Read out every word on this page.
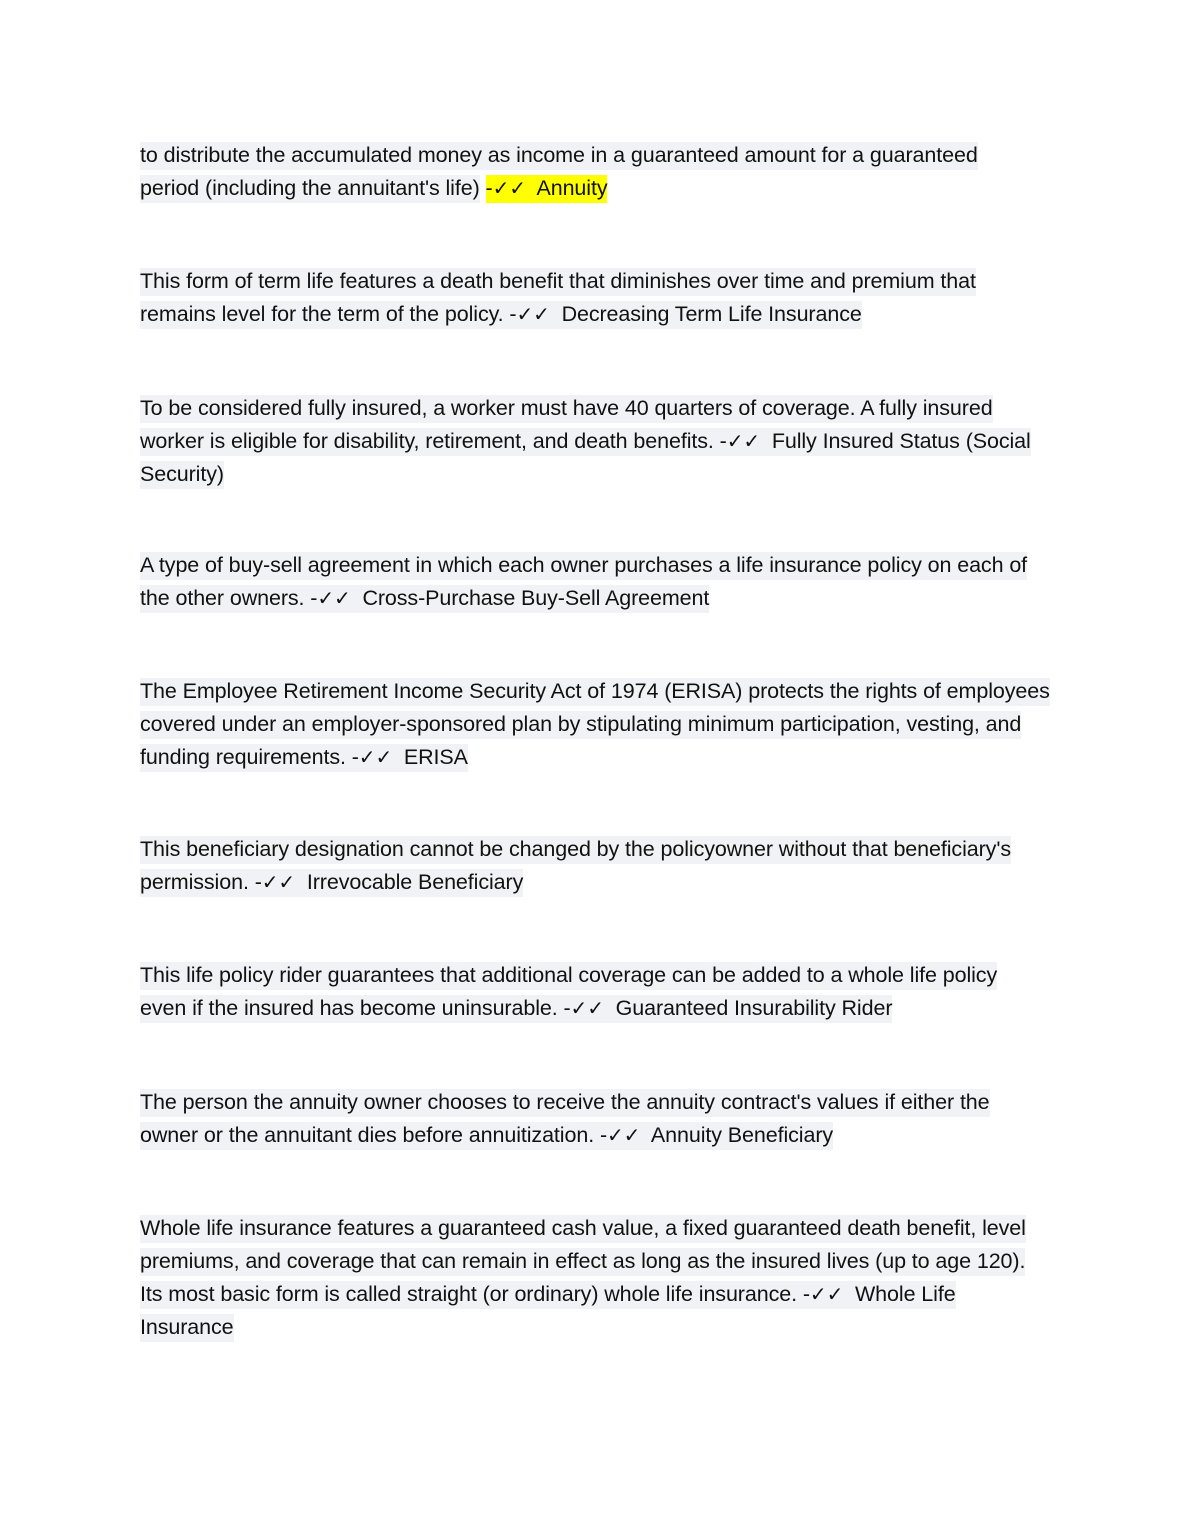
to distribute the accumulated money as income in a guaranteed amount for a guaranteed
period (including the annuitant's life) -✓✓ Annuity
This form of term life features a death benefit that diminishes over time and premium that
remains level for the term of the policy. -✓✓ Decreasing Term Life Insurance
To be considered fully insured, a worker must have 40 quarters of coverage. A fully insured
worker is eligible for disability, retirement, and death benefits. -✓✓ Fully Insured Status (Social
Security)
A type of buy-sell agreement in which each owner purchases a life insurance policy on each of
the other owners. -✓✓ Cross-Purchase Buy-Sell Agreement
The Employee Retirement Income Security Act of 1974 (ERISA) protects the rights of employees
covered under an employer-sponsored plan by stipulating minimum participation, vesting, and
funding requirements. -✓✓ ERISA
This beneficiary designation cannot be changed by the policyowner without that beneficiary's
permission. -✓✓ Irrevocable Beneficiary
This life policy rider guarantees that additional coverage can be added to a whole life policy
even if the insured has become uninsurable. -✓✓ Guaranteed Insurability Rider
The person the annuity owner chooses to receive the annuity contract's values if either the
owner or the annuitant dies before annuitization. -✓✓ Annuity Beneficiary
Whole life insurance features a guaranteed cash value, a fixed guaranteed death benefit, level
premiums, and coverage that can remain in effect as long as the insured lives (up to age 120).
Its most basic form is called straight (or ordinary) whole life insurance. -✓✓ Whole Life
Insurance
